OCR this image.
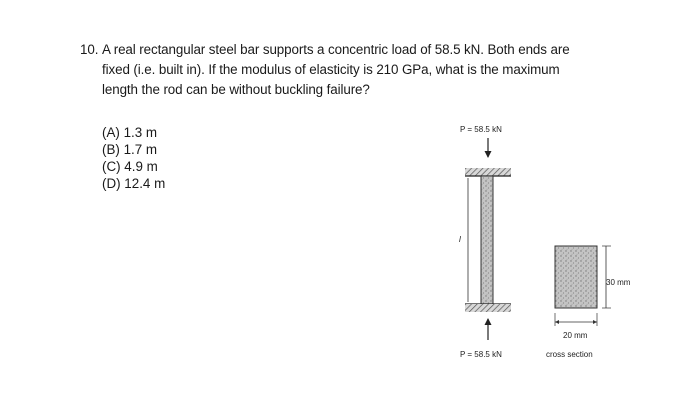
10. A real rectangular steel bar supports a concentric load of 58.5 kN. Both ends are
fixed (i.e. built in). If the modulus of elasticity is 210 GPa, what is the maximum
length the rod can be without buckling failure?
(A) 1.3 m
(B) 1.7 m
(C) 4.9 m
(D) 12.4 m
P = 58.5 kN
l
P = 58.5 kN
30 mm
20 mm
cross section
